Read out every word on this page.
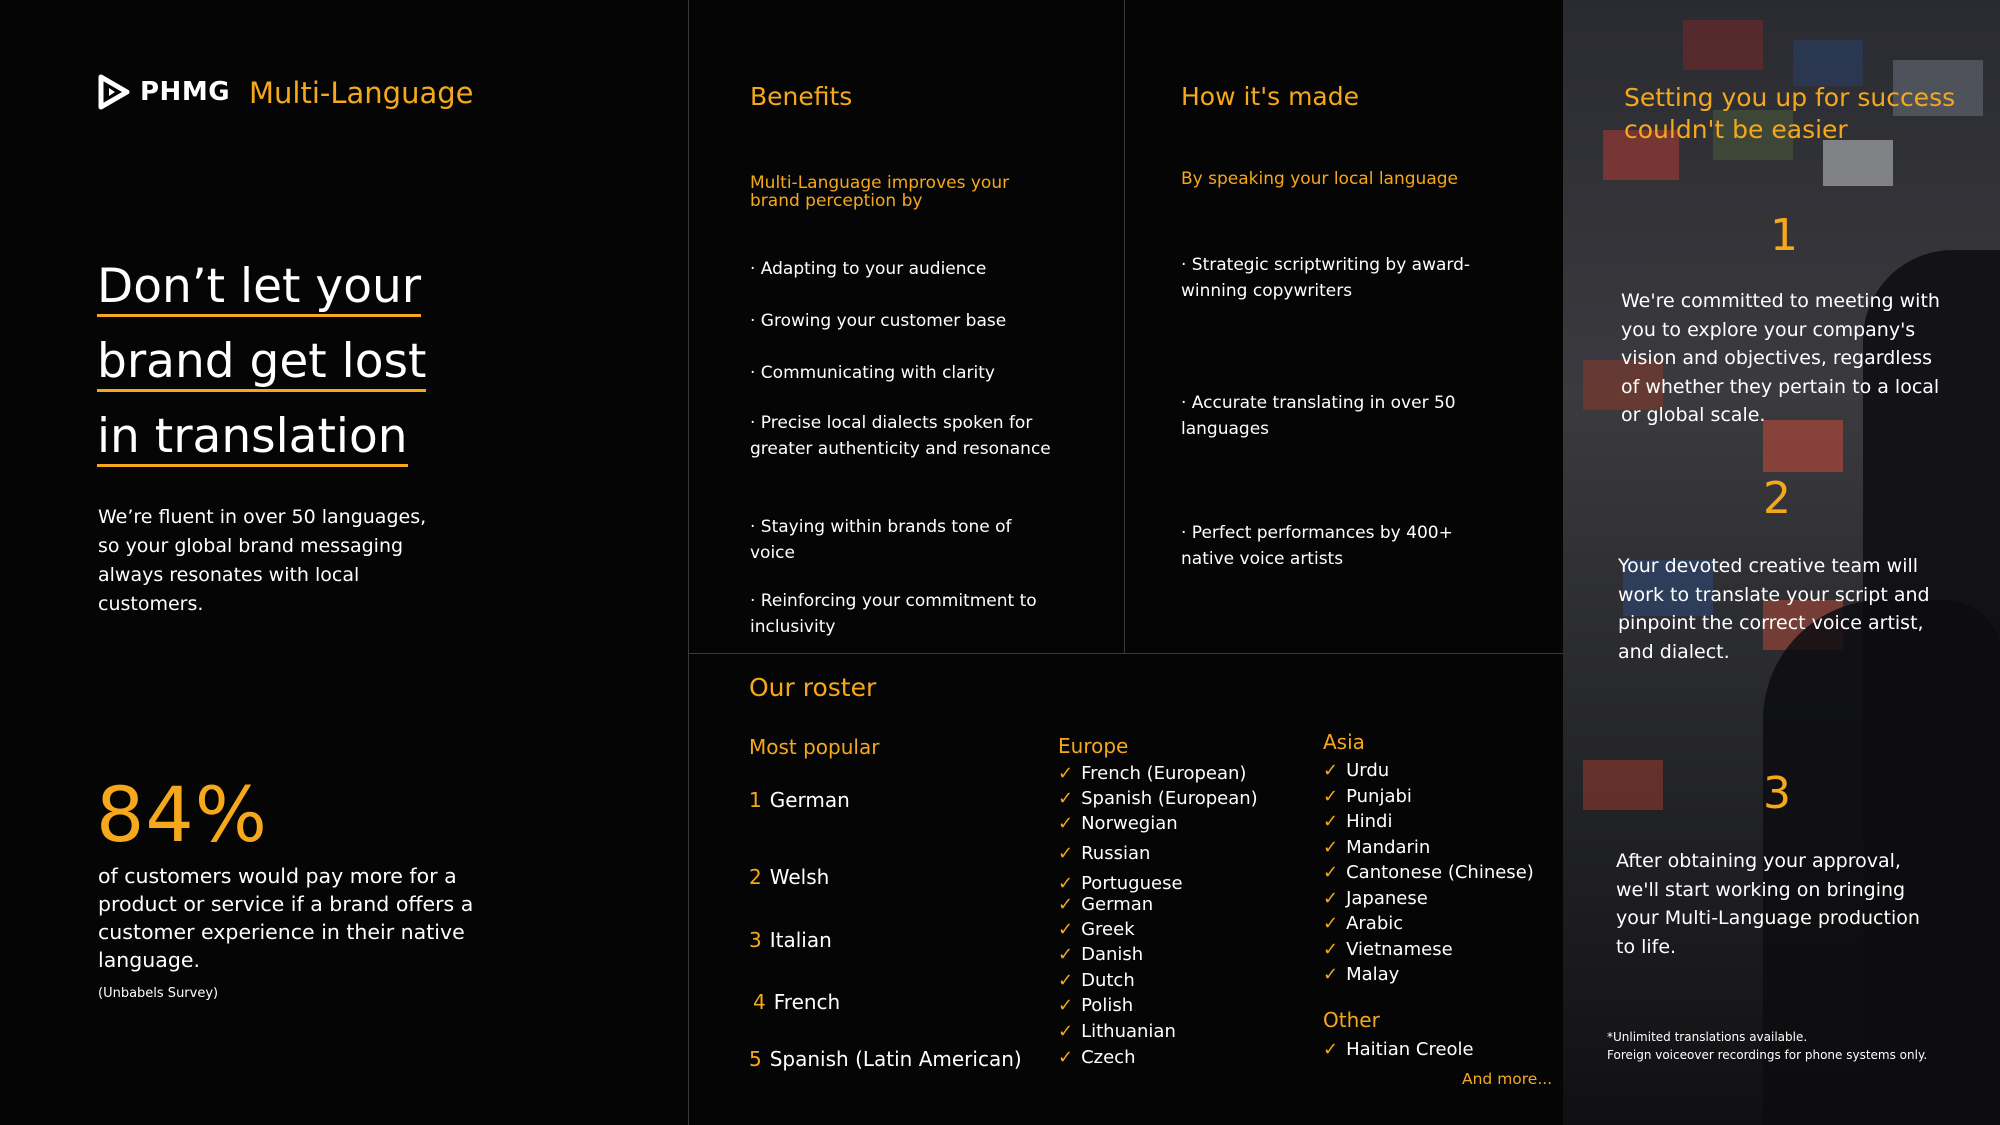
PHMG Multi-Language
Don’t let your
brand get lost
in translation
We’re fluent in over 50 languages, so your global brand messaging always resonates with local customers.
84%
of customers would pay more for a product or service if a brand offers a customer experience in their native language.
(Unbabels Survey)
Benefits
Multi-Language improves your brand perception by
· Adapting to your audience
· Growing your customer base
· Communicating with clarity
· Precise local dialects spoken for greater authenticity and resonance
· Staying within brands tone of voice
· Reinforcing your commitment to inclusivity
How it's made
By speaking your local language
· Strategic scriptwriting by award-winning copywriters
· Accurate translating in over 50 languages
· Perfect performances by 400+ native voice artists
Our roster
Most popular
1 German
2 Welsh
3 Italian
4 French
5 Spanish (Latin American)
Europe
✓ French (European)
✓ Spanish (European)
✓ Norwegian
✓ Russian
✓ Portuguese
✓ German
✓ Greek
✓ Danish
✓ Dutch
✓ Polish
✓ Lithuanian
✓ Czech
Asia
✓ Urdu
✓ Punjabi
✓ Hindi
✓ Mandarin
✓ Cantonese (Chinese)
✓ Japanese
✓ Arabic
✓ Vietnamese
✓ Malay
Other
✓ Haitian Creole
And more...
Setting you up for success couldn't be easier
1
We're committed to meeting with you to explore your company's vision and objectives, regardless of whether they pertain to a local or global scale.
2
Your devoted creative team will work to translate your script and pinpoint the correct voice artist, and dialect.
3
After obtaining your approval, we'll start working on bringing your Multi-Language production to life.
*Unlimited translations available.
Foreign voiceover recordings for phone systems only.
